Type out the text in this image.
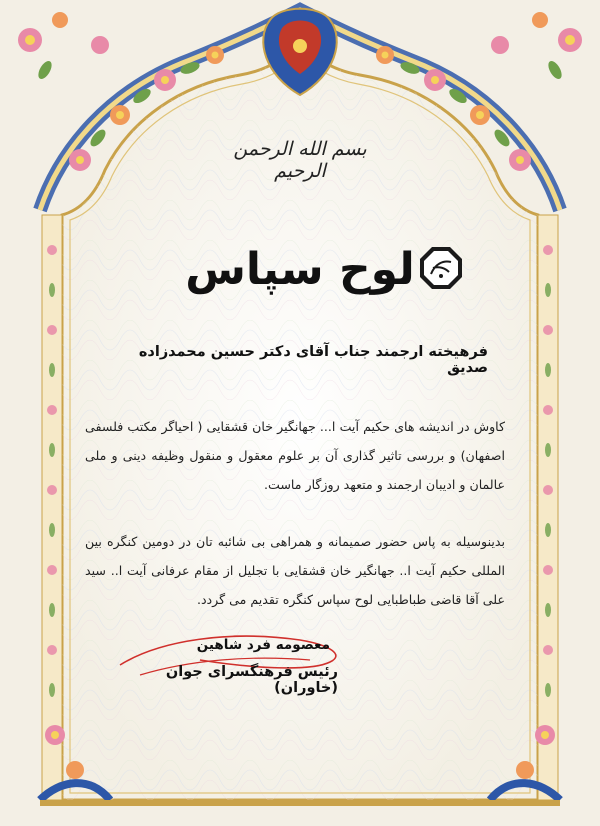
بسم الله الرحمن الرحیم
لوح سپاس
فرهیخته ارجمند جناب آقای دکتر حسین محمدزاده صدیق
کاوش در اندیشه های حکیم آیت ا... جهانگیر خان قشقایی ( احیاگر مکتب فلسفی اصفهان) و بررسی تاثیر گذاری آن بر علوم معقول و منقول وظیفه دینی و ملی عالمان و ادیبان ارجمند و متعهد روزگار ماست.
بدینوسیله به پاس حضور صمیمانه و همراهی بی شائبه تان در دومین کنگره بین المللی حکیم آیت ا.. جهانگیر خان قشقایی با تجلیل از مقام عرفانی آیت ا.. سید علی آقا قاضی طباطبایی لوح سپاس کنگره تقدیم می گردد.
معصومه فرد شاهین
رئیس فرهنگسرای جوان (خاوران)
